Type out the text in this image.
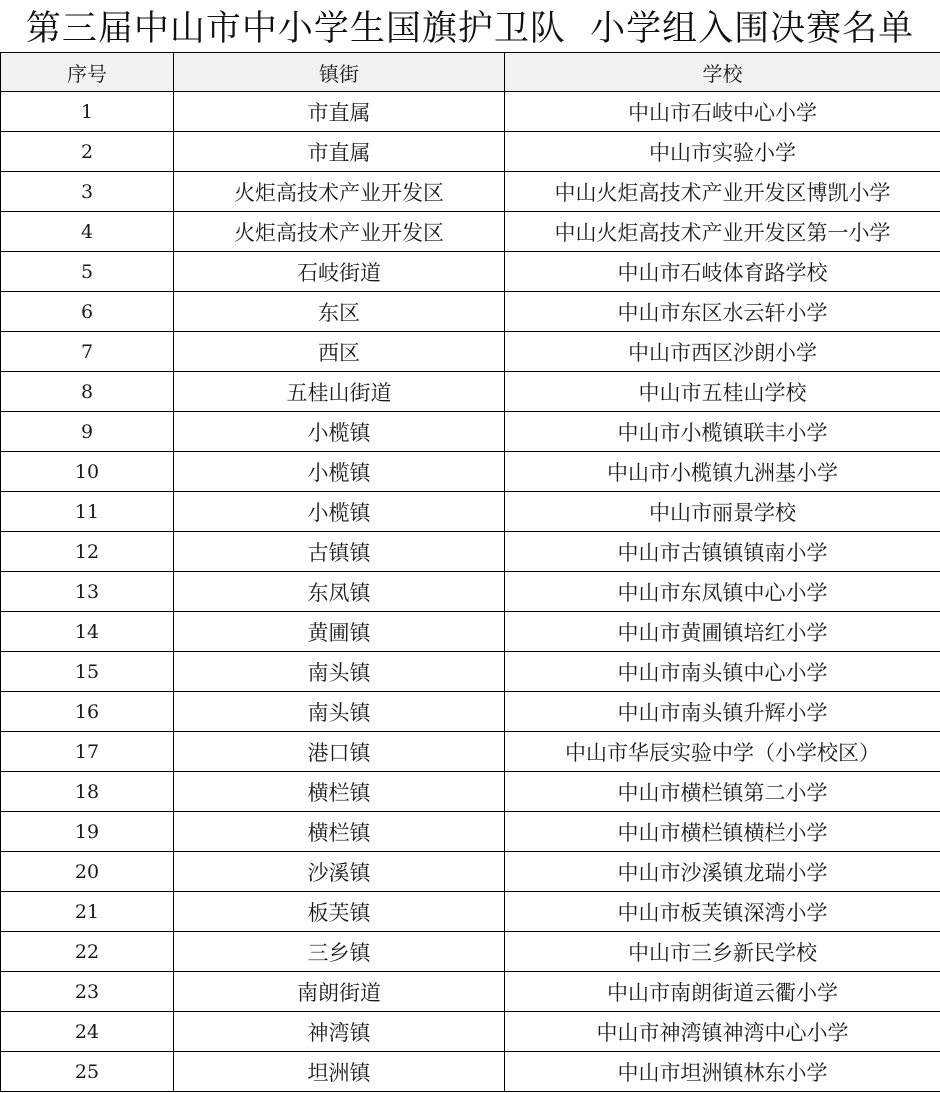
第三届中山市中小学生国旗护卫队  小学组入围决赛名单
序号	镇街	学校
1	市直属	中山市石岐中心小学
2	市直属	中山市实验小学
3	火炬高技术产业开发区	中山火炬高技术产业开发区博凯小学
4	火炬高技术产业开发区	中山火炬高技术产业开发区第一小学
5	石岐街道	中山市石岐体育路学校
6	东区	中山市东区水云轩小学
7	西区	中山市西区沙朗小学
8	五桂山街道	中山市五桂山学校
9	小榄镇	中山市小榄镇联丰小学
10	小榄镇	中山市小榄镇九洲基小学
11	小榄镇	中山市丽景学校
12	古镇镇	中山市古镇镇镇南小学
13	东凤镇	中山市东凤镇中心小学
14	黄圃镇	中山市黄圃镇培红小学
15	南头镇	中山市南头镇中心小学
16	南头镇	中山市南头镇升辉小学
17	港口镇	中山市华辰实验中学（小学校区）
18	横栏镇	中山市横栏镇第二小学
19	横栏镇	中山市横栏镇横栏小学
20	沙溪镇	中山市沙溪镇龙瑞小学
21	板芙镇	中山市板芙镇深湾小学
22	三乡镇	中山市三乡新民学校
23	南朗街道	中山市南朗街道云衢小学
24	神湾镇	中山市神湾镇神湾中心小学
25	坦洲镇	中山市坦洲镇林东小学
